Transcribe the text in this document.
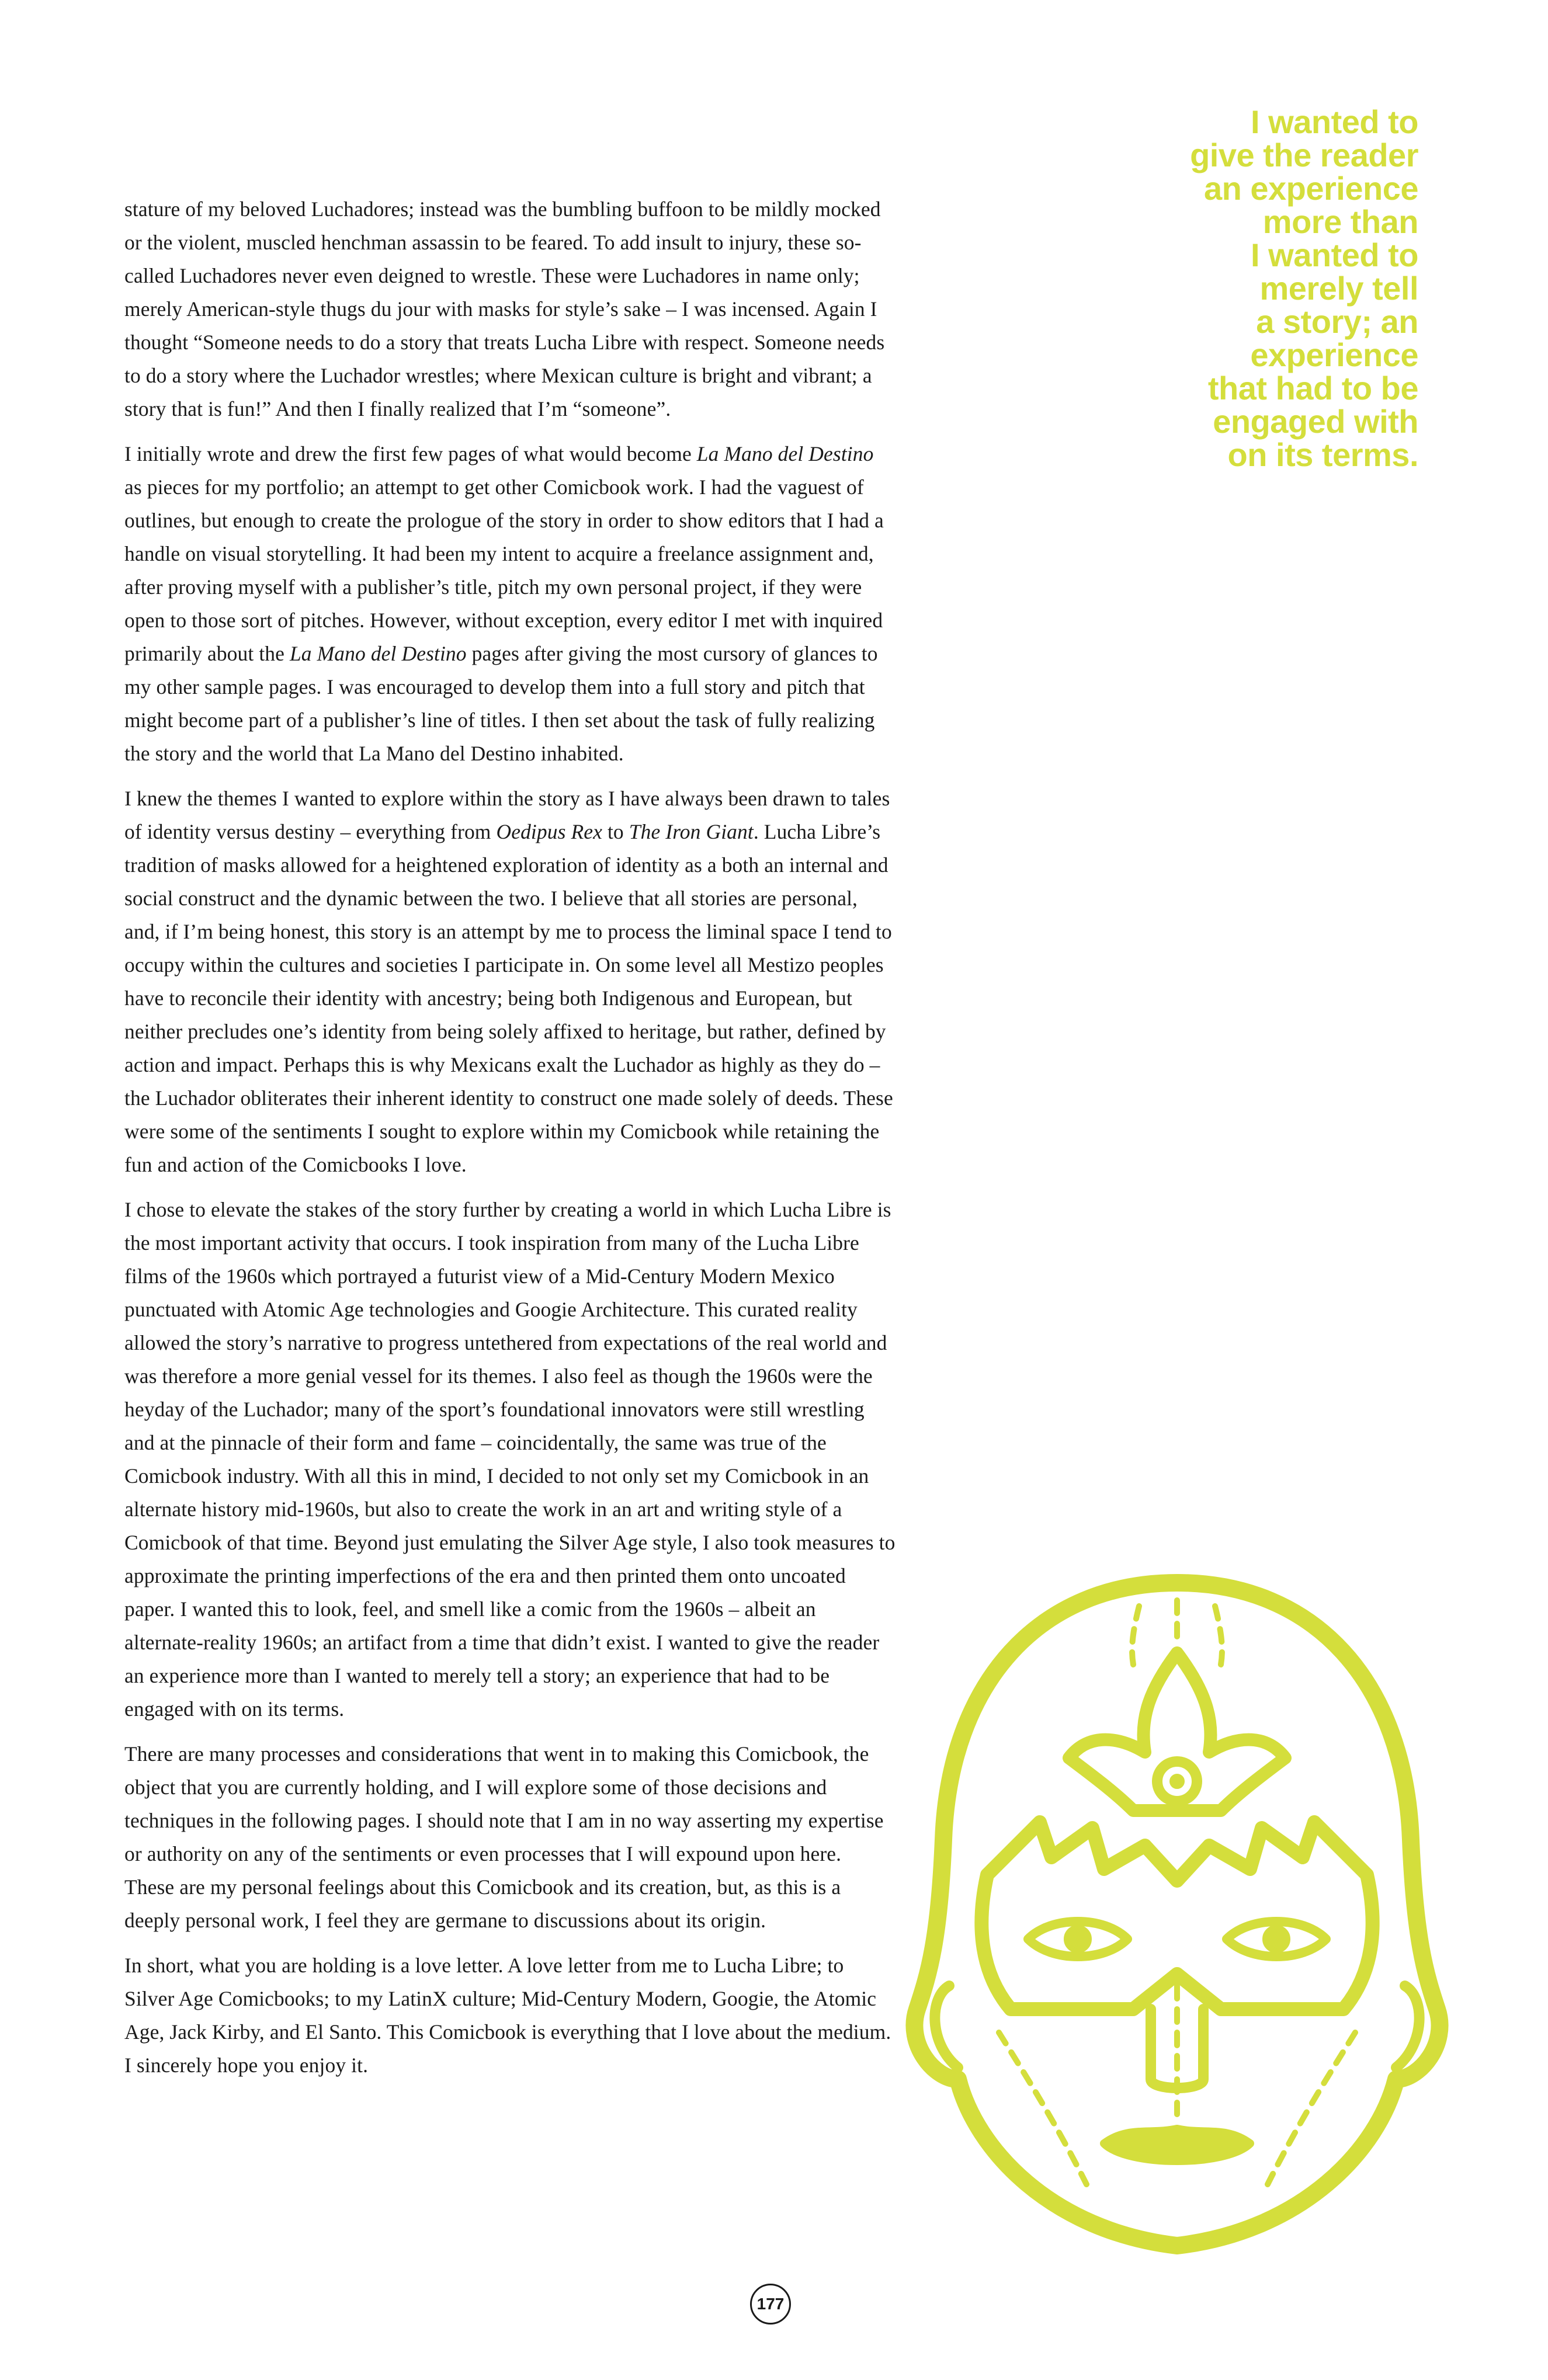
I wanted to
give the reader
an experience
more than
I wanted to
merely tell
a story; an
experience
that had to be
engaged with
on its terms.

stature of my beloved Luchadores; instead was the bumbling buffoon to be mildly mocked or the violent, muscled henchman assassin to be feared. To add insult to injury, these so-called Luchadores never even deigned to wrestle. These were Luchadores in name only; merely American-style thugs du jour with masks for style’s sake – I was incensed. Again I thought “Someone needs to do a story that treats Lucha Libre with respect. Someone needs to do a story where the Luchador wrestles; where Mexican culture is bright and vibrant; a story that is fun!” And then I finally realized that I’m “someone”.

I initially wrote and drew the first few pages of what would become La Mano del Destino as pieces for my portfolio; an attempt to get other Comicbook work. I had the vaguest of outlines, but enough to create the prologue of the story in order to show editors that I had a handle on visual storytelling. It had been my intent to acquire a freelance assignment and, after proving myself with a publisher’s title, pitch my own personal project, if they were open to those sort of pitches. However, without exception, every editor I met with inquired primarily about the La Mano del Destino pages after giving the most cursory of glances to my other sample pages. I was encouraged to develop them into a full story and pitch that might become part of a publisher’s line of titles. I then set about the task of fully realizing the story and the world that La Mano del Destino inhabited.

I knew the themes I wanted to explore within the story as I have always been drawn to tales of identity versus destiny – everything from Oedipus Rex to The Iron Giant. Lucha Libre’s tradition of masks allowed for a heightened exploration of identity as a both an internal and social construct and the dynamic between the two. I believe that all stories are personal, and, if I’m being honest, this story is an attempt by me to process the liminal space I tend to occupy within the cultures and societies I participate in. On some level all Mestizo peoples have to reconcile their identity with ancestry; being both Indigenous and European, but neither precludes one’s identity from being solely affixed to heritage, but rather, defined by action and impact. Perhaps this is why Mexicans exalt the Luchador as highly as they do – the Luchador obliterates their inherent identity to construct one made solely of deeds. These were some of the sentiments I sought to explore within my Comicbook while retaining the fun and action of the Comicbooks I love.

I chose to elevate the stakes of the story further by creating a world in which Lucha Libre is the most important activity that occurs. I took inspiration from many of the Lucha Libre films of the 1960s which portrayed a futurist view of a Mid-Century Modern Mexico punctuated with Atomic Age technologies and Googie Architecture. This curated reality allowed the story’s narrative to progress untethered from expectations of the real world and was therefore a more genial vessel for its themes. I also feel as though the 1960s were the heyday of the Luchador; many of the sport’s foundational innovators were still wrestling and at the pinnacle of their form and fame – coincidentally, the same was true of the Comicbook industry. With all this in mind, I decided to not only set my Comicbook in an alternate history mid-1960s, but also to create the work in an art and writing style of a Comicbook of that time. Beyond just emulating the Silver Age style, I also took measures to approximate the printing imperfections of the era and then printed them onto uncoated paper. I wanted this to look, feel, and smell like a comic from the 1960s – albeit an alternate-reality 1960s; an artifact from a time that didn’t exist. I wanted to give the reader an experience more than I wanted to merely tell a story; an experience that had to be engaged with on its terms.

There are many processes and considerations that went in to making this Comicbook, the object that you are currently holding, and I will explore some of those decisions and techniques in the following pages. I should note that I am in no way asserting my expertise or authority on any of the sentiments or even processes that I will expound upon here. These are my personal feelings about this Comicbook and its creation, but, as this is a deeply personal work, I feel they are germane to discussions about its origin.

In short, what you are holding is a love letter. A love letter from me to Lucha Libre; to Silver Age Comicbooks; to my LatinX culture; Mid-Century Modern, Googie, the Atomic Age, Jack Kirby, and El Santo. This Comicbook is everything that I love about the medium. I sincerely hope you enjoy it.

177
